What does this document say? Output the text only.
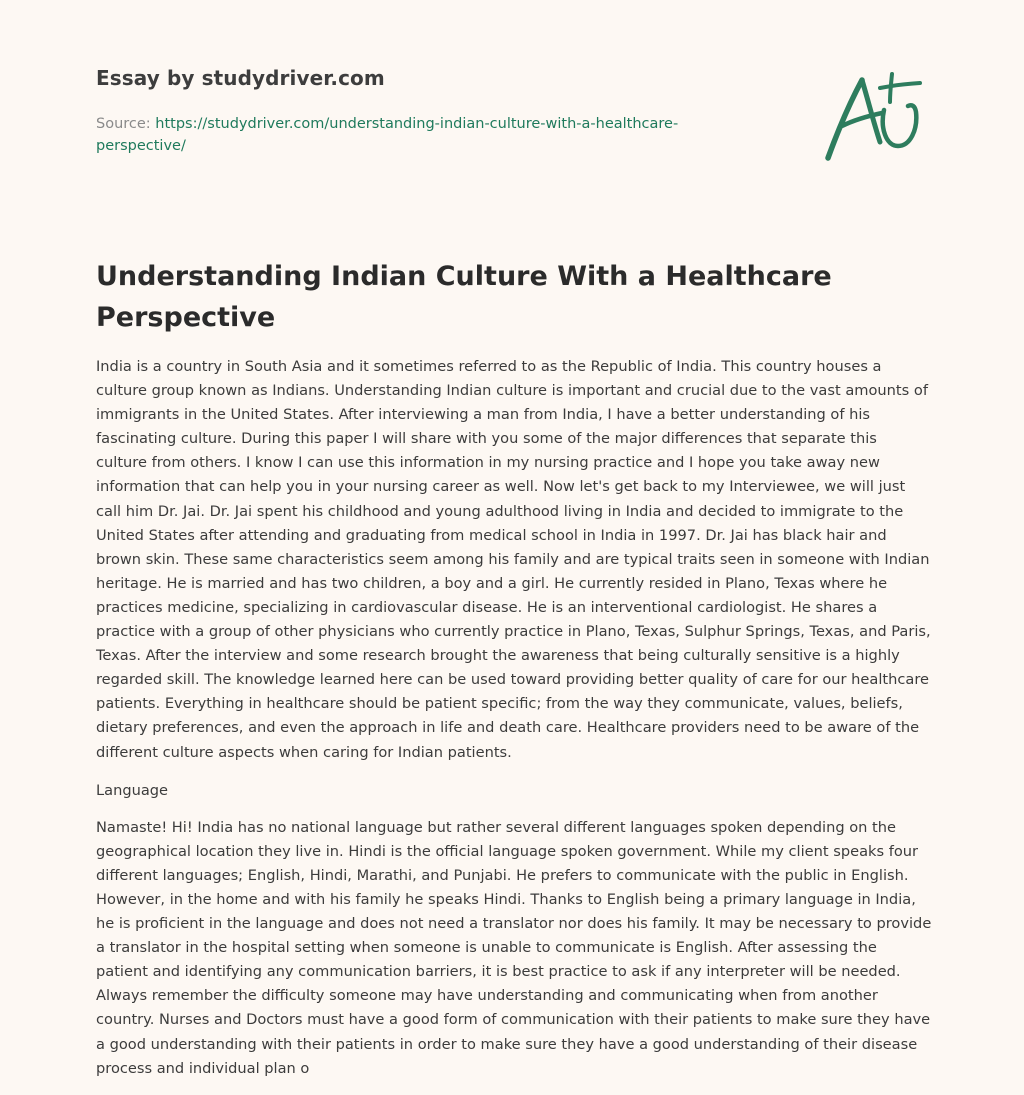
Essay by studydriver.com
Source: https://studydriver.com/understanding-indian-culture-with-a-healthcare-perspective/
Understanding Indian Culture With a Healthcare Perspective

India is a country in South Asia and it sometimes referred to as the Republic of India. This country houses a culture group known as Indians. Understanding Indian culture is important and crucial due to the vast amounts of immigrants in the United States. After interviewing a man from India, I have a better understanding of his fascinating culture. During this paper I will share with you some of the major differences that separate this culture from others. I know I can use this information in my nursing practice and I hope you take away new information that can help you in your nursing career as well. Now let's get back to my Interviewee, we will just call him Dr. Jai. Dr. Jai spent his childhood and young adulthood living in India and decided to immigrate to the United States after attending and graduating from medical school in India in 1997. Dr. Jai has black hair and brown skin. These same characteristics seem among his family and are typical traits seen in someone with Indian heritage. He is married and has two children, a boy and a girl. He currently resided in Plano, Texas where he practices medicine, specializing in cardiovascular disease. He is an interventional cardiologist. He shares a practice with a group of other physicians who currently practice in Plano, Texas, Sulphur Springs, Texas, and Paris, Texas. After the interview and some research brought the awareness that being culturally sensitive is a highly regarded skill. The knowledge learned here can be used toward providing better quality of care for our healthcare patients. Everything in healthcare should be patient specific; from the way they communicate, values, beliefs, dietary preferences, and even the approach in life and death care. Healthcare providers need to be aware of the different culture aspects when caring for Indian patients.

Language

Namaste! Hi! India has no national language but rather several different languages spoken depending on the geographical location they live in. Hindi is the official language spoken government. While my client speaks four different languages; English, Hindi, Marathi, and Punjabi. He prefers to communicate with the public in English. However, in the home and with his family he speaks Hindi. Thanks to English being a primary language in India, he is proficient in the language and does not need a translator nor does his family. It may be necessary to provide a translator in the hospital setting when someone is unable to communicate is English. After assessing the patient and identifying any communication barriers, it is best practice to ask if any interpreter will be needed. Always remember the difficulty someone may have understanding and communicating when from another country. Nurses and Doctors must have a good form of communication with their patients to make sure they have a good understanding with their patients in order to make sure they have a good understanding of their disease process and individual plan o
